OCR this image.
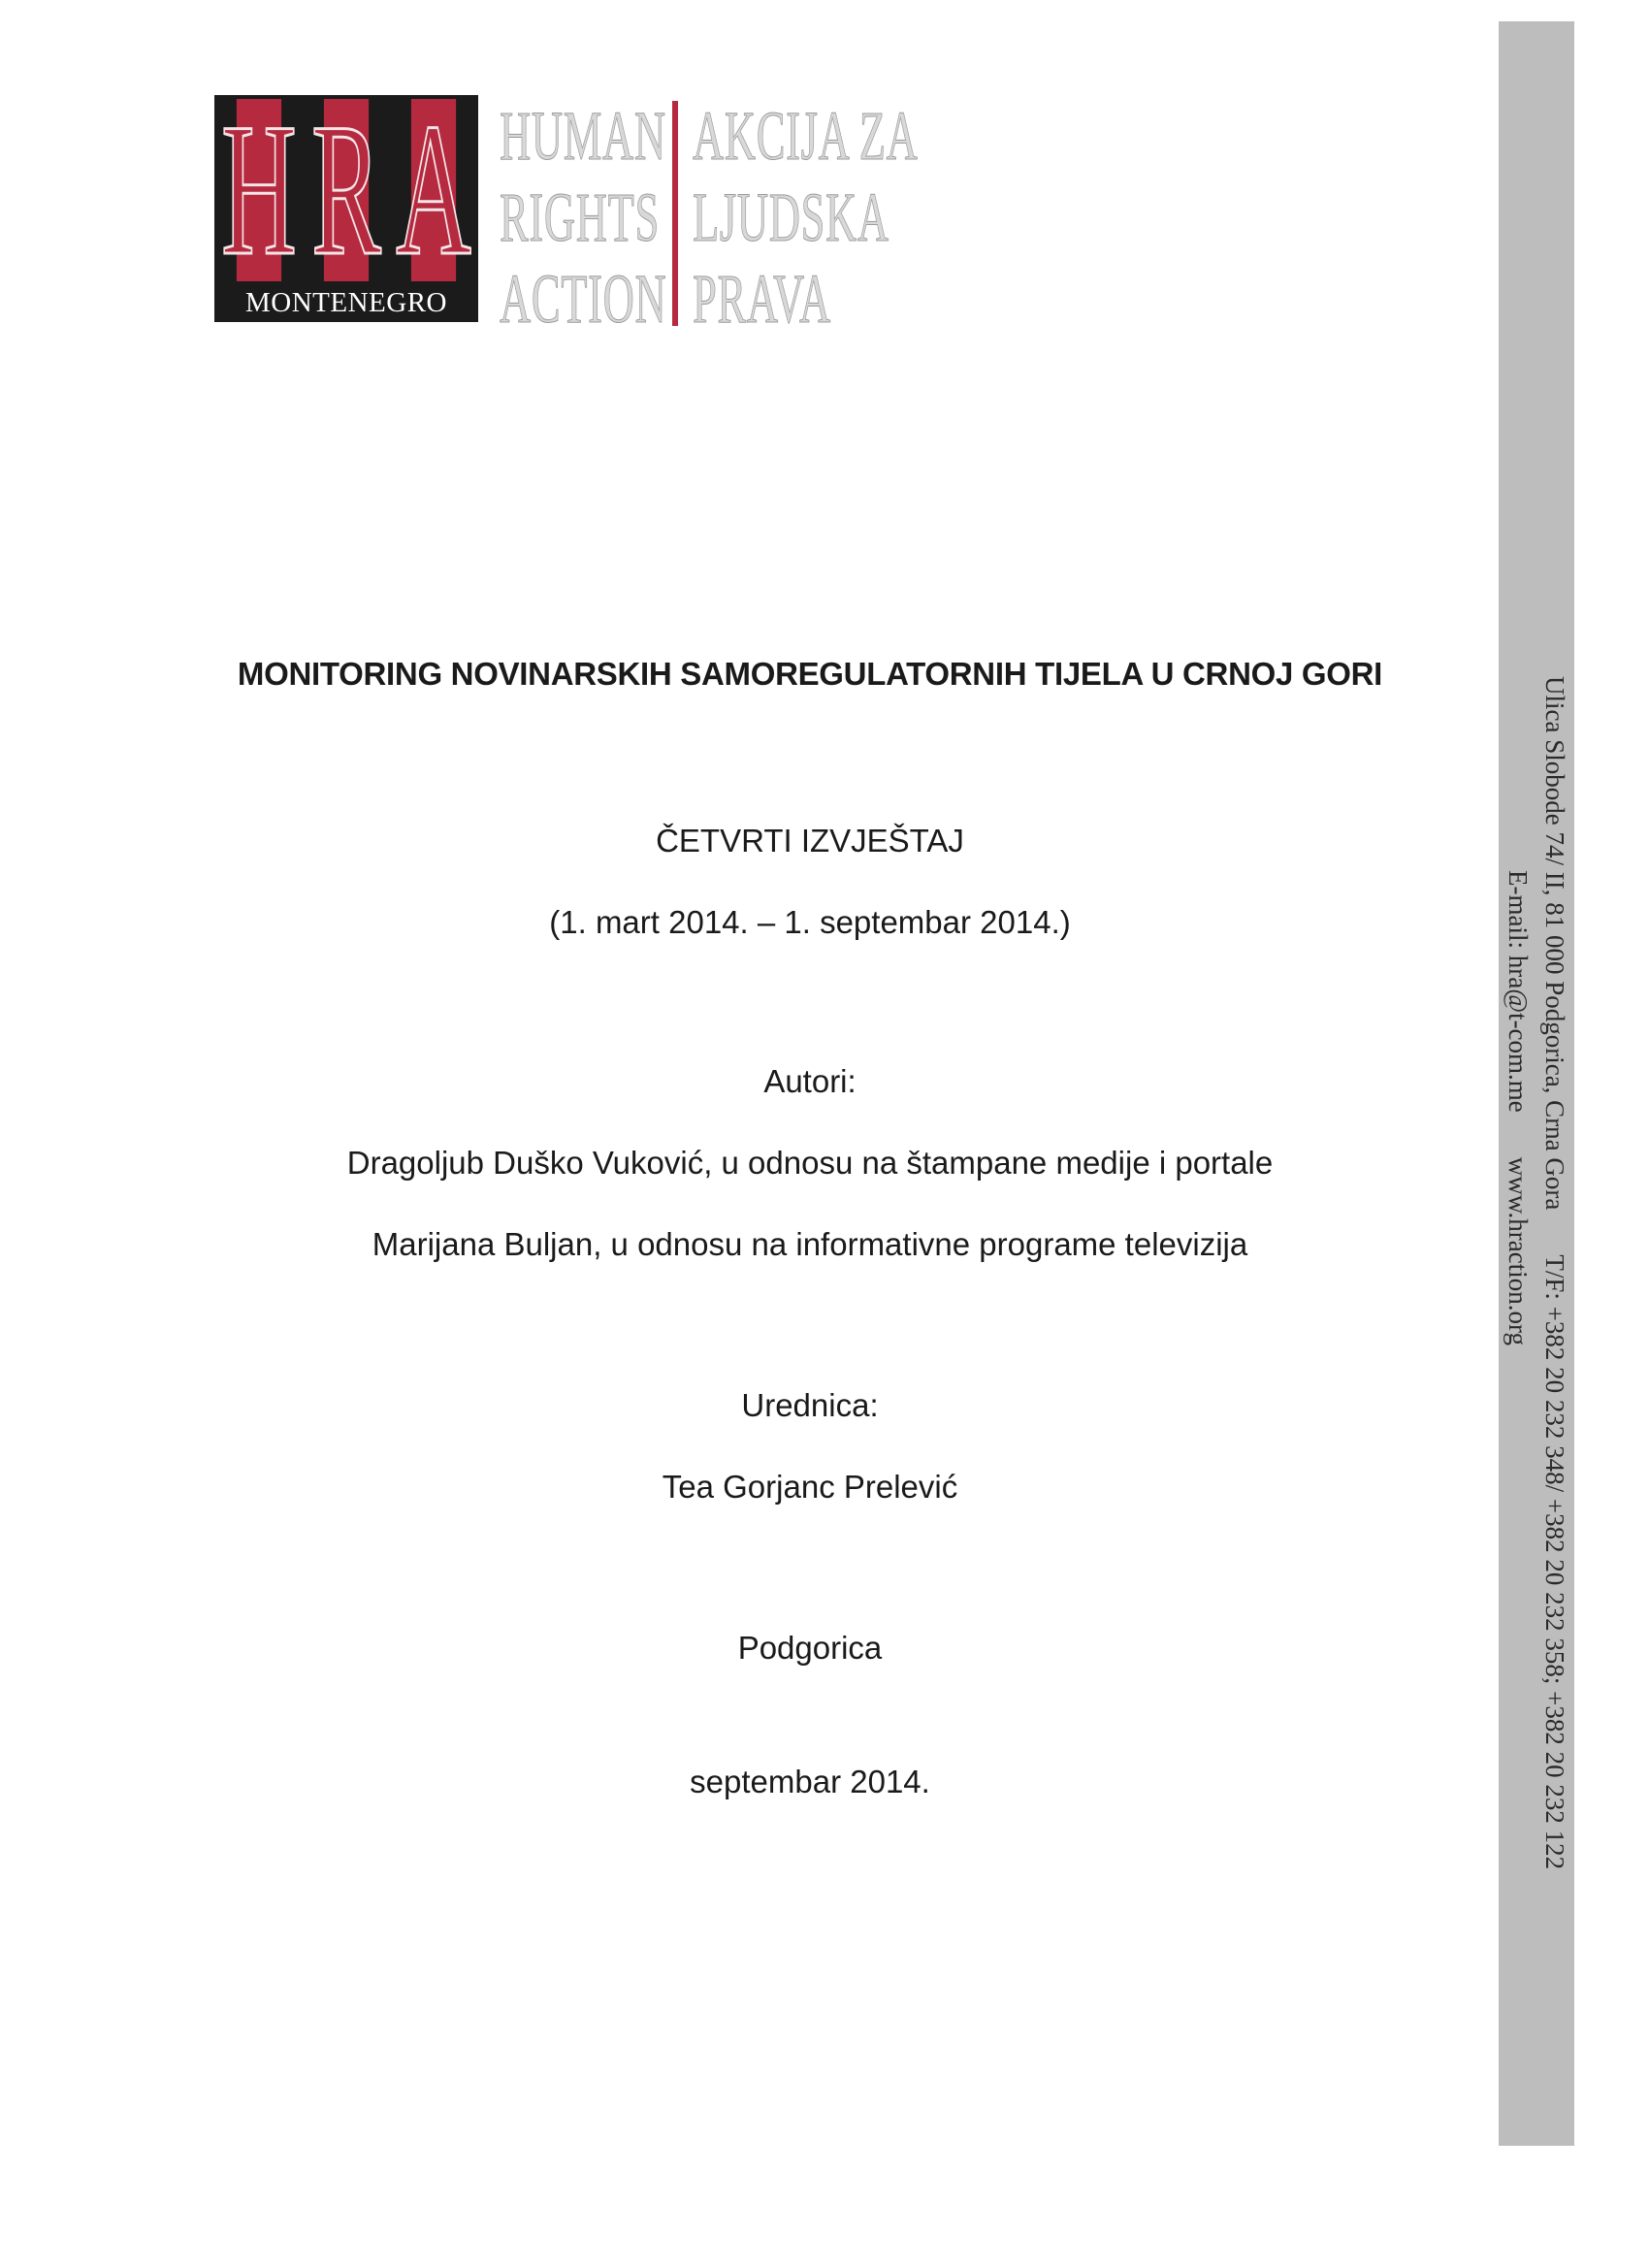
H R A
MONTENEGRO
HUMAN
RIGHTS
ACTION
AKCIJA ZA
LJUDSKA
PRAVA
Ulica Slobode 74/ II, 81 000 Podgorica, Crna GoraT/F: +382 20 232 348/ +382 20 232 358; +382 20 232 122
E-mail: hra@t-com.mewww.hraction.org
MONITORING NOVINARSKIH SAMOREGULATORNIH TIJELA U CRNOJ GORI
ČETVRTI IZVJEŠTAJ
(1. mart 2014. – 1. septembar 2014.)
Autori:
Dragoljub Duško Vuković, u odnosu na štampane medije i portale
Marijana Buljan, u odnosu na informativne programe televizija
Urednica:
Tea Gorjanc Prelević
Podgorica
septembar 2014.
